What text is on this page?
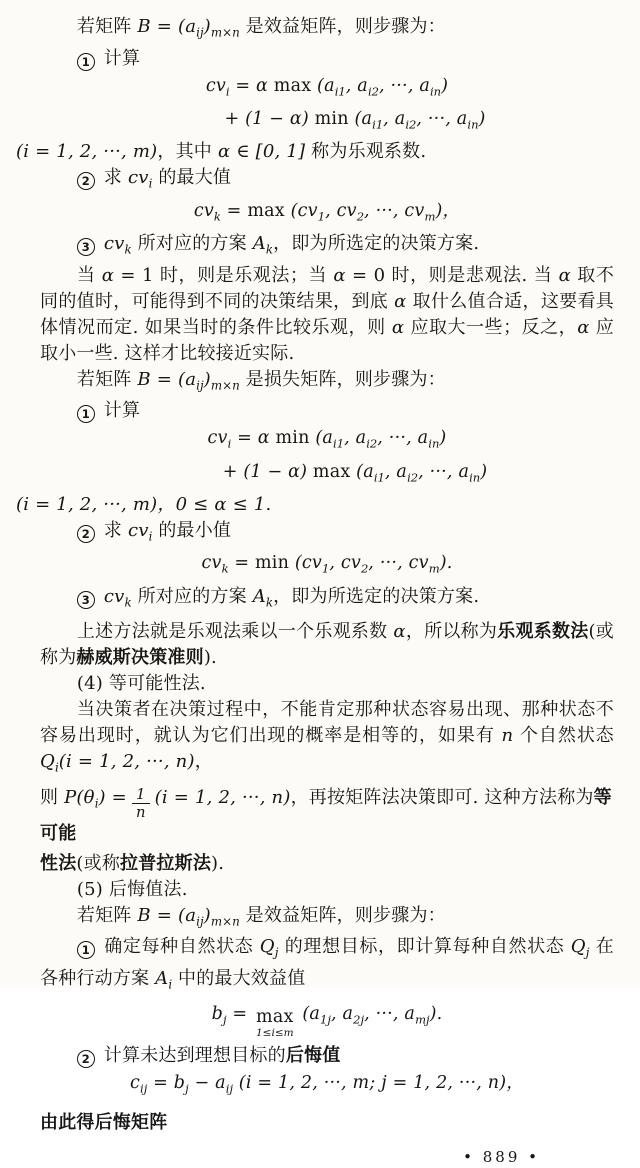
若矩阵 $B = (a_{ij})_{m\times n}$ 是效益矩阵，则步骤为：
1 计算
$cv_i = \alpha$ $\max (a_{i1}$, $a_{i2}$, ···, $a_{in}$)
+ (1 − α) $\min (a_{i1}$, $a_{i2}$, ···, $a_{in}$)
(i = 1, 2, ···, m)，其中 α ∈ [0, 1] 称为乐观系数.
2 求 $cv_i$ 的最大值
$cv_k = \max (cv_1$, $cv_2$, ···, $cv_m$)，
3 $cv_k$ 所对应的方案 $A_k$，即为所选定的决策方案.
当 α = 1 时，则是乐观法；当 α = 0 时，则是悲观法. 当 α 取不同的值时，可能得到不同的决策结果，到底 α 取什么值合适，这要看具体情况而定. 如果当时的条件比较乐观，则 α 应取大一些；反之，α 应取小一些. 这样才比较接近实际.
若矩阵 $B = (a_{ij})_{m\times n}$ 是损失矩阵，则步骤为：
1 计算
$cv_i = \alpha$ $\min (a_{i1}$, $a_{i2}$, ···, $a_{in}$)
+ (1 − α) $\max (a_{i1}$, $a_{i2}$, ···, $a_{in}$)
(i = 1, 2, ···, m)，0 ≤ α ≤ 1.
2 求 $cv_i$ 的最小值
$cv_k = \min (cv_1$, $cv_2$, ···, $cv_m$).
3 $cv_k$ 所对应的方案 $A_k$，即为所选定的决策方案.
上述方法就是乐观法乘以一个乐观系数 α，所以称为乐观系数法(或称为赫威斯决策准则).
(4) 等可能性法.
当决策者在决策过程中，不能肯定那种状态容易出现、那种状态不容易出现时，就认为它们出现的概率是相等的，如果有 n 个自然状态 $Q_i(i = 1$, 2, ···, n)，
则 $P(\theta_i) = \frac{1}{n} (i = 1$, 2, ···, n)，再按矩阵法决策即可. 这种方法称为等可能
性法(或称拉普拉斯法).
(5) 后悔值法.
若矩阵 $B = (a_{ij})_{m\times n}$ 是效益矩阵，则步骤为：
1 确定每种自然状态 $Q_j$ 的理想目标，即计算每种自然状态 $Q_j$ 在各种行动方案 $A_i$ 中的最大效益值
$b_j = \max$
1≤i≤m
($a_{1j}$, $a_{2j}$, ···, $a_{mj}$).
2 计算未达到理想目标的后悔值
$c_{ij} = b_j - a_{ij}$ (i = 1, 2, ···, m; j = 1, 2, ···, n)，
由此得后悔矩阵
• 889 •
